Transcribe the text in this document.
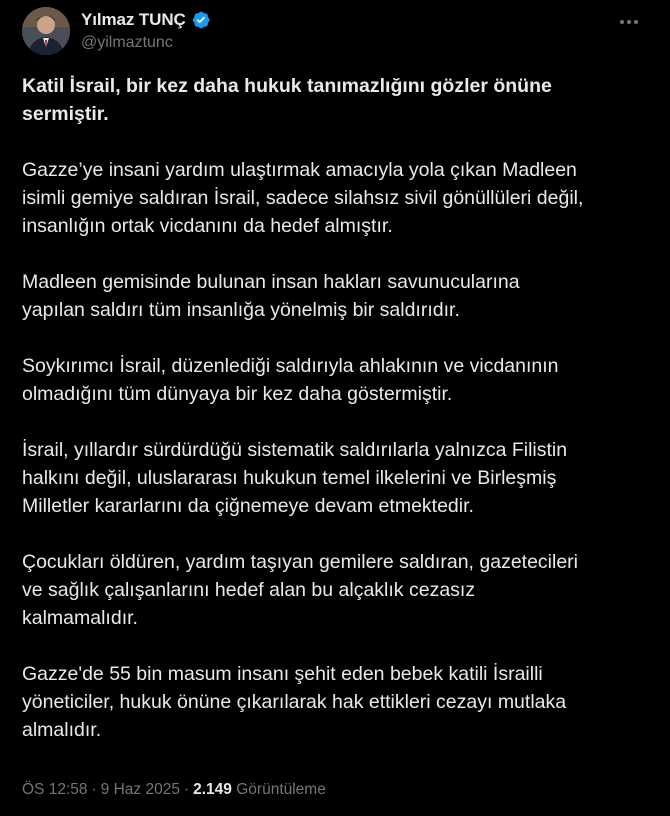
Yılmaz TUNÇ
@yilmaztunc

Katil İsrail, bir kez daha hukuk tanımazlığını gözler önüne
sermiştir.

Gazze’ye insani yardım ulaştırmak amacıyla yola çıkan Madleen
isimli gemiye saldıran İsrail, sadece silahsız sivil gönüllüleri değil,
insanlığın ortak vicdanını da hedef almıştır.

Madleen gemisinde bulunan insan hakları savunucularına
yapılan saldırı tüm insanlığa yönelmiş bir saldırıdır.

Soykırımcı İsrail, düzenlediği saldırıyla ahlakının ve vicdanının
olmadığını tüm dünyaya bir kez daha göstermiştir.

İsrail, yıllardır sürdürdüğü sistematik saldırılarla yalnızca Filistin
halkını değil, uluslararası hukukun temel ilkelerini ve Birleşmiş
Milletler kararlarını da çiğnemeye devam etmektedir.

Çocukları öldüren, yardım taşıyan gemilere saldıran, gazetecileri
ve sağlık çalışanlarını hedef alan bu alçaklık cezasız
kalmamalıdır.

Gazze'de 55 bin masum insanı şehit eden bebek katili İsrailli
yöneticiler, hukuk önüne çıkarılarak hak ettikleri cezayı mutlaka
almalıdır.

ÖS 12:58 · 9 Haz 2025 · 2.149 Görüntüleme
